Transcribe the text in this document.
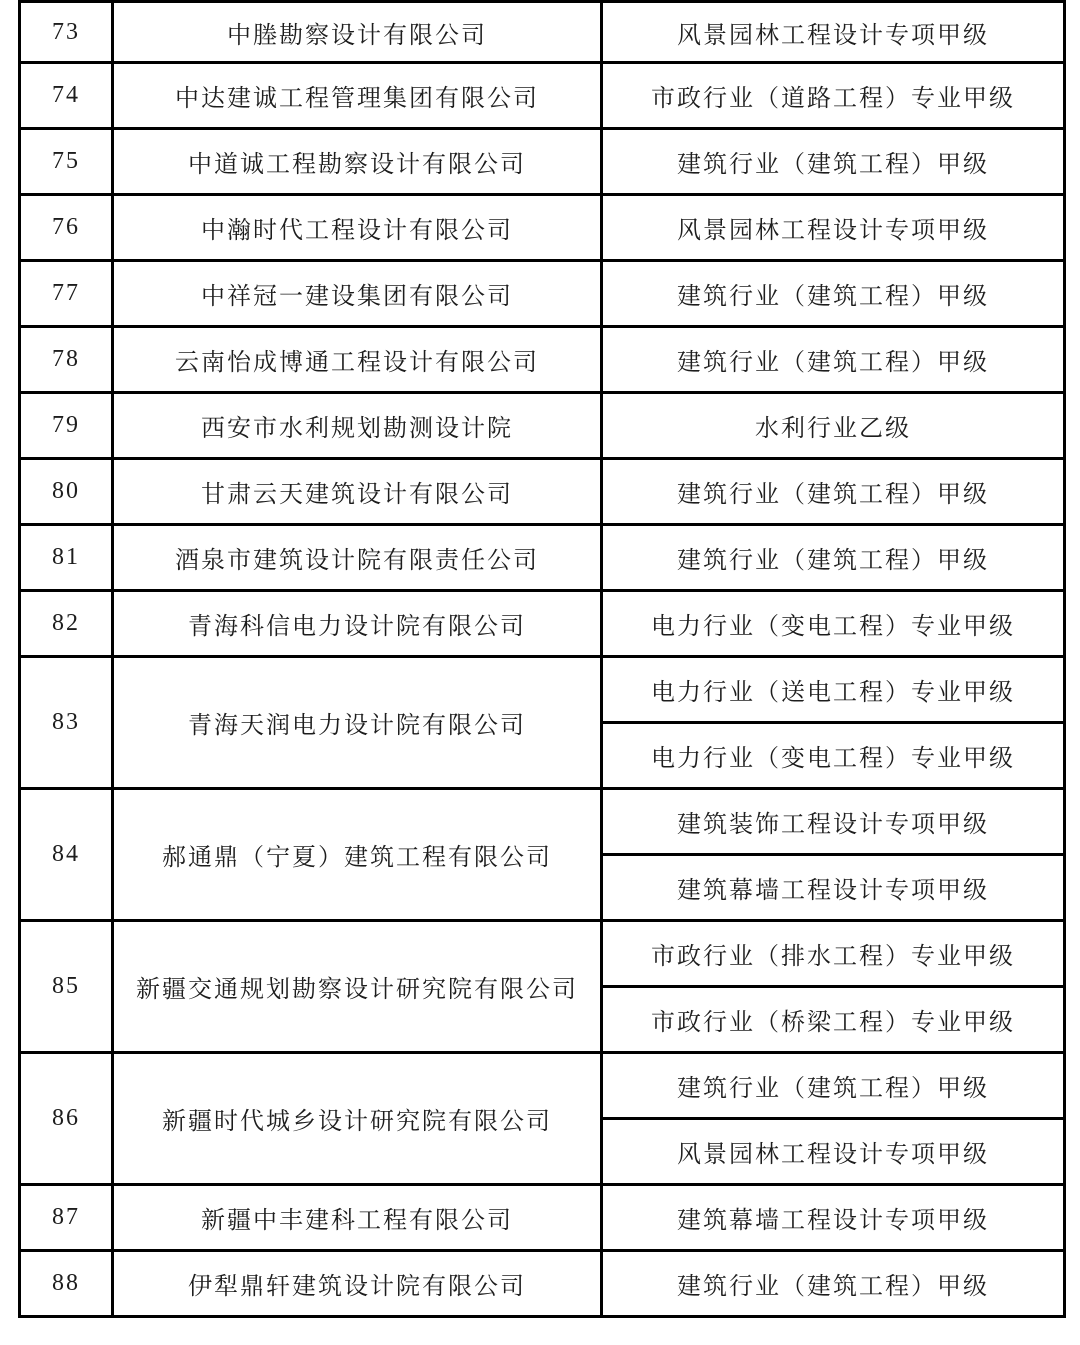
73	中塍勘察设计有限公司	风景园林工程设计专项甲级
74	中达建诚工程管理集团有限公司	市政行业（道路工程）专业甲级
75	中道诚工程勘察设计有限公司	建筑行业（建筑工程）甲级
76	中瀚时代工程设计有限公司	风景园林工程设计专项甲级
77	中祥冠一建设集团有限公司	建筑行业（建筑工程）甲级
78	云南怡成博通工程设计有限公司	建筑行业（建筑工程）甲级
79	西安市水利规划勘测设计院	水利行业乙级
80	甘肃云天建筑设计有限公司	建筑行业（建筑工程）甲级
81	酒泉市建筑设计院有限责任公司	建筑行业（建筑工程）甲级
82	青海科信电力设计院有限公司	电力行业（变电工程）专业甲级
83	青海天润电力设计院有限公司	电力行业（送电工程）专业甲级
		电力行业（变电工程）专业甲级
84	郝通鼎（宁夏）建筑工程有限公司	建筑装饰工程设计专项甲级
		建筑幕墙工程设计专项甲级
85	新疆交通规划勘察设计研究院有限公司	市政行业（排水工程）专业甲级
		市政行业（桥梁工程）专业甲级
86	新疆时代城乡设计研究院有限公司	建筑行业（建筑工程）甲级
		风景园林工程设计专项甲级
87	新疆中丰建科工程有限公司	建筑幕墙工程设计专项甲级
88	伊犁鼎轩建筑设计院有限公司	建筑行业（建筑工程）甲级
